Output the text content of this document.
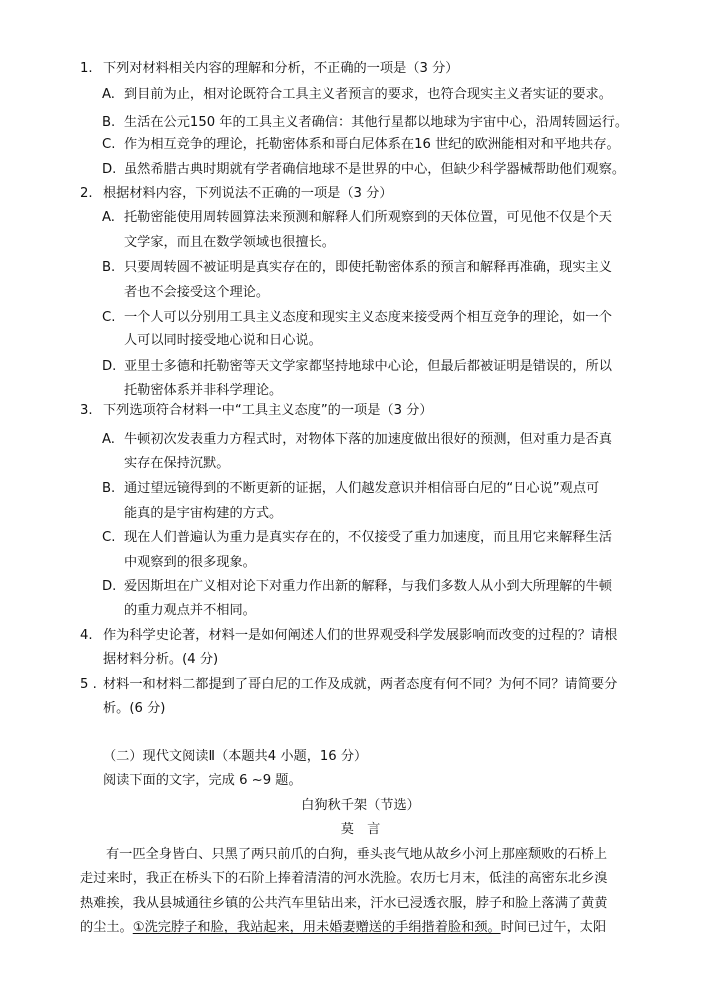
1. 下列对材料相关内容的理解和分析，不正确的一项是（3 分）
A. 到目前为止，相对论既符合工具主义者预言的要求，也符合现实主义者实证的要求。
B. 生活在公元150 年的工具主义者确信：其他行星都以地球为宇宙中心，沿周转圆运行。
C. 作为相互竞争的理论，托勒密体系和哥白尼体系在16 世纪的欧洲能相对和平地共存。
D. 虽然希腊古典时期就有学者确信地球不是世界的中心，但缺少科学器械帮助他们观察。
2. 根据材料内容，下列说法不正确的一项是（3 分）
A. 托勒密能使用周转圆算法来预测和解释人们所观察到的天体位置，可见他不仅是个天
文学家，而且在数学领域也很擅长。
B. 只要周转圆不被证明是真实存在的，即使托勒密体系的预言和解释再准确，现实主义
者也不会接受这个理论。
C. 一个人可以分别用工具主义态度和现实主义态度来接受两个相互竞争的理论，如一个
人可以同时接受地心说和日心说。
D. 亚里士多德和托勒密等天文学家都坚持地球中心论，但最后都被证明是错误的，所以
托勒密体系并非科学理论。
3. 下列选项符合材料一中“工具主义态度”的一项是（3 分）
A. 牛顿初次发表重力方程式时，对物体下落的加速度做出很好的预测，但对重力是否真
实存在保持沉默。
B. 通过望远镜得到的不断更新的证据，人们越发意识并相信哥白尼的“日心说”观点可
能真的是宇宙构建的方式。
C. 现在人们普遍认为重力是真实存在的，不仅接受了重力加速度，而且用它来解释生活
中观察到的很多现象。
D. 爱因斯坦在广义相对论下对重力作出新的解释，与我们多数人从小到大所理解的牛顿
的重力观点并不相同。
4. 作为科学史论著，材料一是如何阐述人们的世界观受科学发展影响而改变的过程的？请根
据材料分析。(4 分)
5 . 材料一和材料二都提到了哥白尼的工作及成就，两者态度有何不同？为何不同？请简要分
析。(6 分)
（二）现代文阅读Ⅱ（本题共4 小题，16 分）
阅读下面的文字，完成 6 ~9 题。
白狗秋千架（节选）
莫　言
有一匹全身皆白、只黑了两只前爪的白狗，垂头丧气地从故乡小河上那座颓败的石桥上
走过来时，我正在桥头下的石阶上捧着清清的河水洗脸。农历七月末，低洼的高密东北乡溴
热难挨，我从县城通往乡镇的公共汽车里钻出来，汗水已浸透衣服，脖子和脸上落满了黄黄
的尘土。①洗完脖子和脸，我站起来，用未婚妻赠送的手绢揩着脸和颈。时间已过午，太阳
